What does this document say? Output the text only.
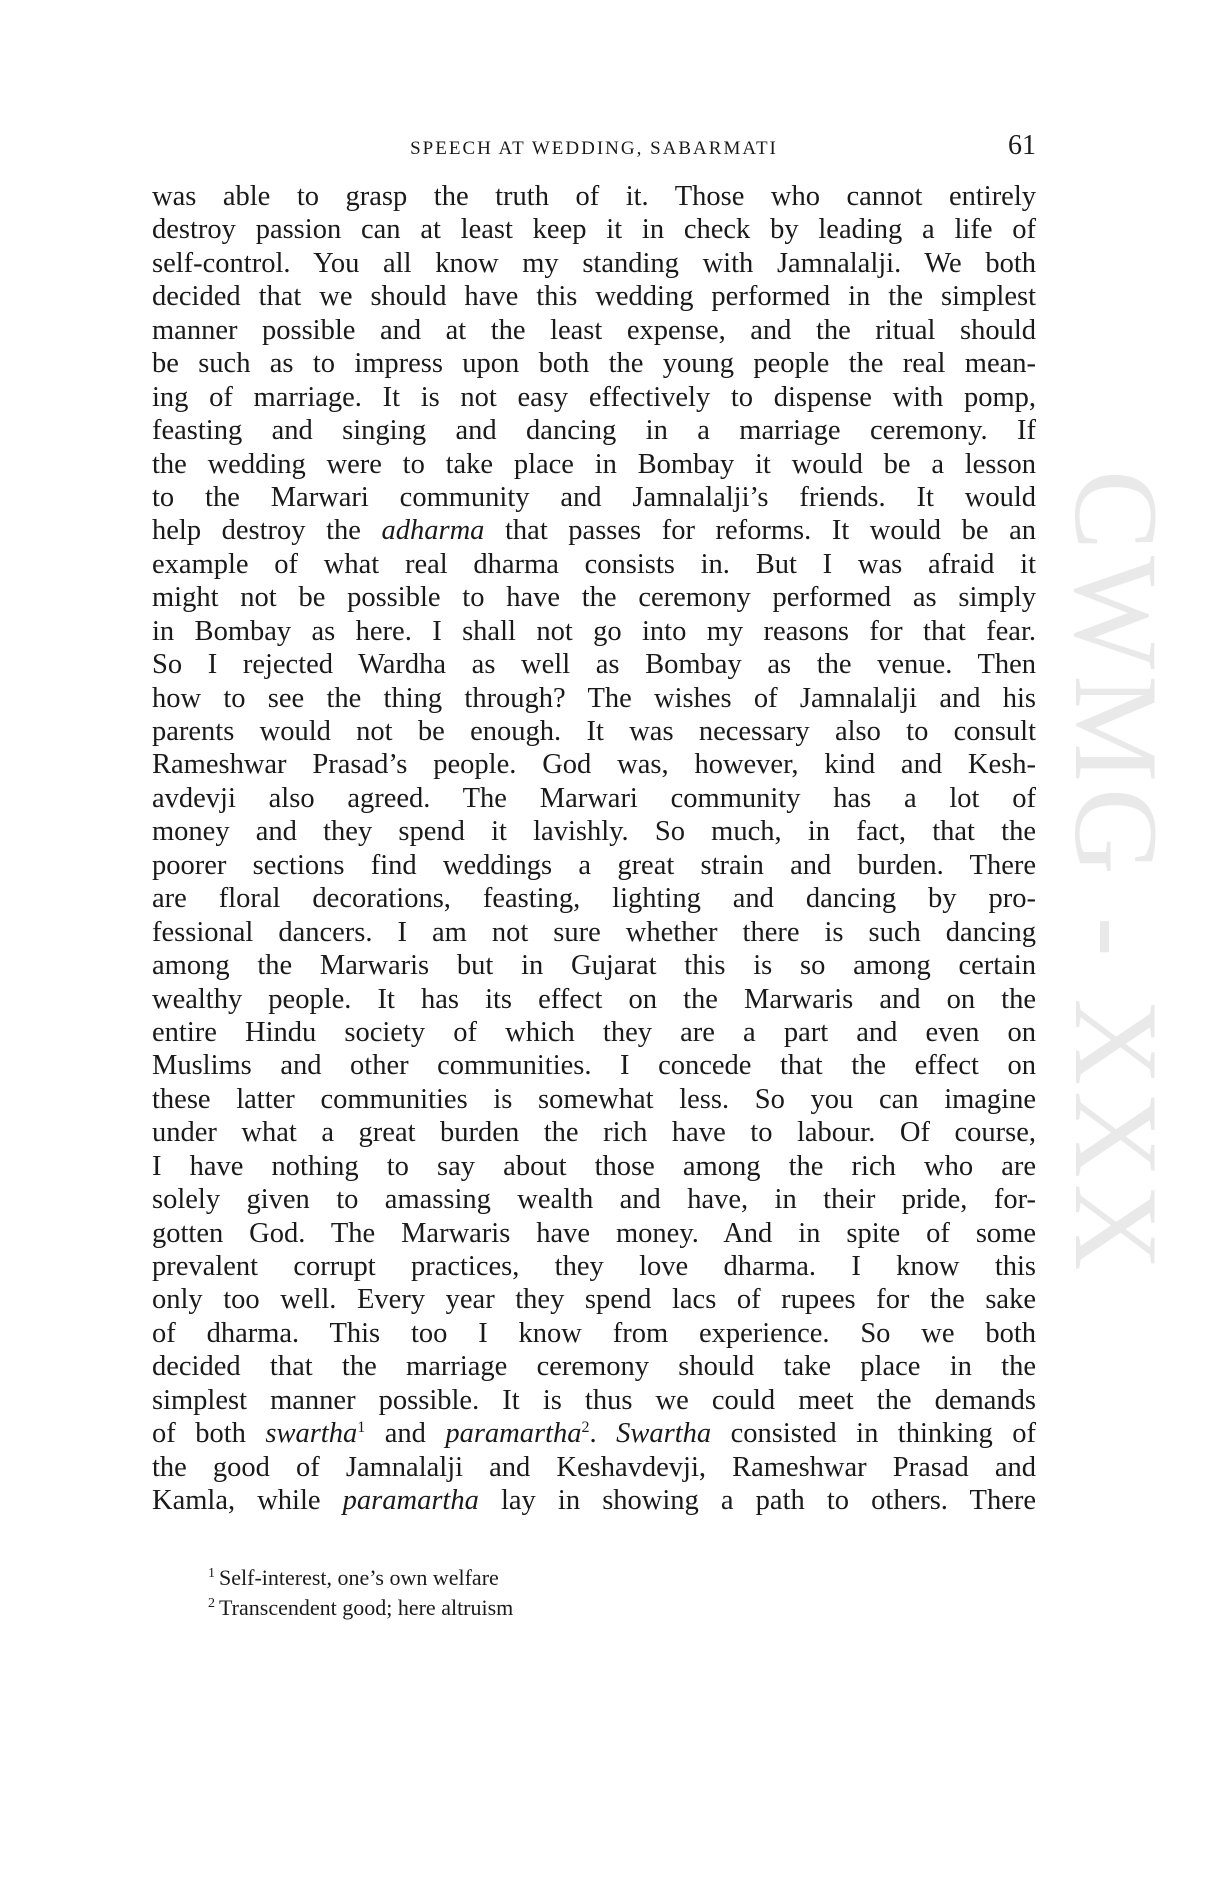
CWMG - XXX
SPEECH AT WEDDING, SABARMATI	61
was able to grasp the truth of it. Those who cannot entirely
destroy passion can at least keep it in check by leading a life of
self-control. You all know my standing with Jamnalalji. We both
decided that we should have this wedding performed in the simplest
manner possible and at the least expense, and the ritual should
be such as to impress upon both the young people the real mean-
ing of marriage. It is not easy effectively to dispense with pomp,
feasting and singing and dancing in a marriage ceremony. If
the wedding were to take place in Bombay it would be a lesson
to the Marwari community and Jamnalalji’s friends. It would
help destroy the adharma that passes for reforms. It would be an
example of what real dharma consists in. But I was afraid it
might not be possible to have the ceremony performed as simply
in Bombay as here. I shall not go into my reasons for that fear.
So I rejected Wardha as well as Bombay as the venue. Then
how to see the thing through? The wishes of Jamnalalji and his
parents would not be enough. It was necessary also to consult
Rameshwar Prasad’s people. God was, however, kind and Kesh-
avdevji also agreed. The Marwari community has a lot of
money and they spend it lavishly. So much, in fact, that the
poorer sections find weddings a great strain and burden. There
are floral decorations, feasting, lighting and dancing by pro-
fessional dancers. I am not sure whether there is such dancing
among the Marwaris but in Gujarat this is so among certain
wealthy people. It has its effect on the Marwaris and on the
entire Hindu society of which they are a part and even on
Muslims and other communities. I concede that the effect on
these latter communities is somewhat less. So you can imagine
under what a great burden the rich have to labour. Of course,
I have nothing to say about those among the rich who are
solely given to amassing wealth and have, in their pride, for-
gotten God. The Marwaris have money. And in spite of some
prevalent corrupt practices, they love dharma. I know this
only too well. Every year they spend lacs of rupees for the sake
of dharma. This too I know from experience. So we both
decided that the marriage ceremony should take place in the
simplest manner possible. It is thus we could meet the demands
of both swartha$^1$ and paramartha$^2$. Swartha consisted in thinking of
the good of Jamnalalji and Keshavdevji, Rameshwar Prasad and
Kamla, while paramartha lay in showing a path to others. There
$^1$ Self-interest, one’s own welfare
$^2$ Transcendent good; here altruism
